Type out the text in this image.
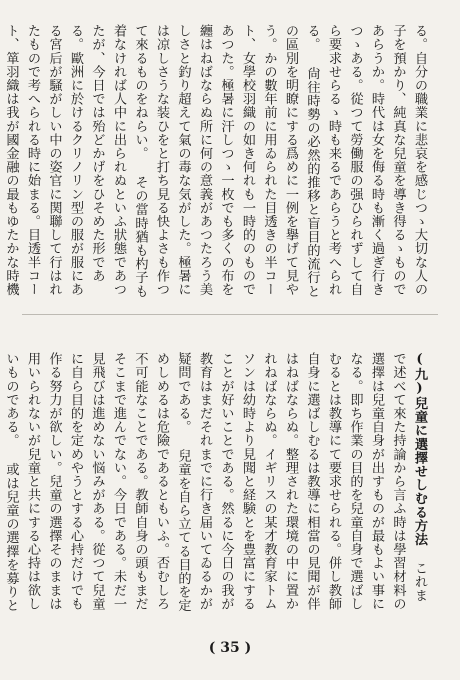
る。自分の職業に悲哀を感じつゝ大切な人の子を預かり、純真な兒童を導き得るゝものであらうか。時代は女を侮る時も漸く過ぎ行きつゝある。從つて勞働服の强ひられずして自ら要求せらるゝ時も来るであらうと考へられる。 尙往時勢の必然的推移と盲目的流行との區別を明瞭にする爲めに一例を擧げて見やう。かの數年前に用ゐられた目透きの半コート、女學校羽織の如き何れも一時的のものであつた。極暑に汗しつゝ一枚でも多くの布を纏はねばならぬ所に何の意義があつたろう美しさと釣り超えて氣の毒な気がした。極暑には凉しさうな装ひをと打ち見る快よさも作つて來るものをねらい。 その當時猶も杓子も着なければ人中に出られぬといふ狀態であつたが、今日では殆どかげをひそめた形である。歐洲に於けるクリノリン型の服が服にある宮后が騒がしい中の姿官に関聯して行はれたもので考へられる時に始まる。目透半コート、箪羽織は我が國金融の最もゆたかな時機
(九)兒童に選擇せしむる方法 これまで述べて來た持論から言ふ時は學習材料の選擇は兒童自身が出すものが最もよい事になる。即ち作業の目的を兒童自身で選ばしむるとは教導にて要求せられる。併し教師自身に選ばしむるは教導に相當の見聞が伴はねばならぬ。整理された環境の中に置かれねばならぬ。イギリスの某才教育家トムソンは幼時より見聞と経験とを豊富にすることが好いことである。然るに今日の我が教育はまだそれまでに行き届いてゐるかが疑問である。 兒童を自ら立てる目的を定めしめるは危險であるともいふ。否むしろ不可能なことである。教師自身の頭もまだそこまで進んでない。今日である。未だ一見飛びは進めない悩みがある。從つて兒童に自ら目的を定めやうとする心持だけでも作る努力が欲しい。兒童の選擇そのままは用いられないが兒童と共にする心持は欲しいものである。 或は兒童の選擇を募りと
( 35 )
